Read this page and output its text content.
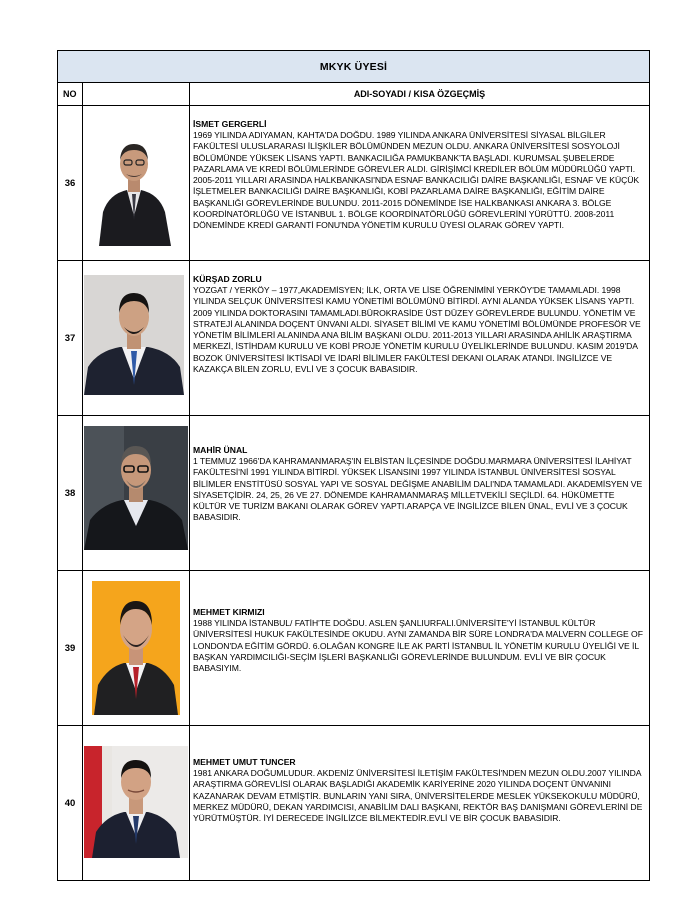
MKYK ÜYESİ		
NO		ADI-SOYADI / KISA ÖZGEÇMİŞ
36		İSMET GERGERLİ
1969 YILINDA ADIYAMAN, KAHTA'DA DOĞDU. 1989 YILINDA ANKARA ÜNİVERSİTESİ SİYASAL BİLGİLER FAKÜLTESİ ULUSLARARASI İLİŞKİLER BÖLÜMÜNDEN MEZUN OLDU. ANKARA ÜNİVERSİTESİ SOSYOLOJİ BÖLÜMÜNDE YÜKSEK LİSANS YAPTI. BANKACILIĞA PAMUKBANK'TA BAŞLADI. KURUMSAL ŞUBELERDE PAZARLAMA VE KREDİ BÖLÜMLERİNDE GÖREVLER ALDI. GİRİŞİMCİ KREDİLER BÖLÜM MÜDÜRLÜĞÜ YAPTI. 2005-2011 YILLARI ARASINDA HALKBANKASI'NDA ESNAF BANKACILIĞI DAİRE BAŞKANLIĞI, ESNAF VE KÜÇÜK İŞLETMELER BANKACILIĞI DAİRE BAŞKANLIĞI, KOBİ PAZARLAMA DAİRE BAŞKANLIĞI, EĞİTİM DAİRE BAŞKANLIĞI GÖREVLERİNDE BULUNDU. 2011-2015 DÖNEMİNDE İSE HALKBANKASI ANKARA 3. BÖLGE KOORDİNATÖRLÜĞÜ VE İSTANBUL 1. BÖLGE KOORDİNATÖRLÜĞÜ GÖREVLERİNİ YÜRÜTTÜ. 2008-2011 DÖNEMİNDE KREDİ GARANTİ FONU'NDA YÖNETİM KURULU ÜYESİ OLARAK GÖREV YAPTI.

37		KÜRŞAD ZORLU
YOZGAT / YERKÖY – 1977,AKADEMİSYEN; İLK, ORTA VE LİSE ÖĞRENİMİNİ YERKÖY'DE TAMAMLADI. 1998 YILINDA SELÇUK ÜNİVERSİTESİ KAMU YÖNETİMİ BÖLÜMÜNÜ BİTİRDİ. AYNI ALANDA YÜKSEK LİSANS YAPTI. 2009 YILINDA DOKTORASINI TAMAMLADI.BÜROKRASİDE ÜST DÜZEY GÖREVLERDE BULUNDU. YÖNETİM VE STRATEJİ ALANINDA DOÇENT ÜNVANI ALDI. SİYASET BİLİMİ VE KAMU YÖNETİMİ BÖLÜMÜNDE PROFESÖR VE YÖNETİM BİLİMLERİ ALANINDA ANA BİLİM BAŞKANI OLDU. 2011-2013 YILLARI ARASINDA AHİLİK ARAŞTIRMA MERKEZİ, İSTİHDAM KURULU VE KOBİ PROJE YÖNETİM KURULU ÜYELİKLERİNDE BULUNDU. KASIM 2019'DA BOZOK ÜNİVERSİTESİ İKTİSADİ VE İDARİ BİLİMLER FAKÜLTESİ DEKANI OLARAK ATANDI. İNGİLİZCE VE KAZAKÇA BİLEN ZORLU, EVLİ VE 3 ÇOCUK BABASIDIR.

38		MAHİR ÜNAL
1 TEMMUZ 1966'DA KAHRAMANMARAŞ'IN ELBİSTAN İLÇESİNDE DOĞDU.MARMARA ÜNİVERSİTESİ İLAHİYAT FAKÜLTESİ'Nİ 1991 YILINDA BİTİRDİ. YÜKSEK LİSANSINI 1997 YILINDA İSTANBUL ÜNİVERSİTESİ SOSYAL BİLİMLER ENSTİTÜSÜ SOSYAL YAPI VE SOSYAL DEĞİŞME ANABİLİM DALI'NDA TAMAMLADI. AKADEMİSYEN VE SİYASETÇİDİR. 24, 25, 26 VE 27. DÖNEMDE KAHRAMANMARAŞ MİLLETVEKİLİ SEÇİLDİ. 64. HÜKÜMETTE KÜLTÜR VE TURİZM BAKANI OLARAK GÖREV YAPTI.ARAPÇA VE İNGİLİZCE BİLEN ÜNAL, EVLİ VE 3 ÇOCUK BABASIDIR.

39		MEHMET KIRMIZI
1988 YILINDA İSTANBUL/ FATİH'TE DOĞDU. ASLEN ŞANLIURFALI.ÜNİVERSİTE'Yİ İSTANBUL KÜLTÜR ÜNİVERSİTESİ HUKUK FAKÜLTESİNDE OKUDU. AYNI ZAMANDA BİR SÜRE LONDRA'DA MALVERN COLLEGE OF LONDON'DA EĞİTİM GÖRDÜ. 6.OLAĞAN KONGRE İLE AK PARTİ İSTANBUL İL YÖNETİM KURULU ÜYELİĞİ VE İL BAŞKAN YARDIMCILIĞI-SEÇİM İŞLERİ BAŞKANLIĞI GÖREVLERİNDE BULUNDUM. EVLİ VE BİR ÇOCUK BABASIYIM.

40		MEHMET UMUT TUNCER
1981 ANKARA DOĞUMLUDUR. AKDENİZ ÜNİVERSİTESİ İLETİŞİM FAKÜLTESİ'NDEN MEZUN OLDU.2007 YILINDA ARAŞTIRMA GÖREVLİSİ OLARAK BAŞLADIĞI AKADEMİK KARİYERİNE 2020 YILINDA DOÇENT ÜNVANINI KAZANARAK DEVAM ETMİŞTİR. BUNLARIN YANI SIRA, ÜNİVERSİTELERDE MESLEK YÜKSEKOKULU MÜDÜRÜ, MERKEZ MÜDÜRÜ, DEKAN YARDIMCISI, ANABİLİM DALI BAŞKANI, REKTÖR BAŞ DANIŞMANI GÖREVLERİNİ DE YÜRÜTMÜŞTÜR. İYİ DERECEDE İNGİLİZCE BİLMEKTEDİR.EVLİ VE BİR ÇOCUK BABASIDIR.
